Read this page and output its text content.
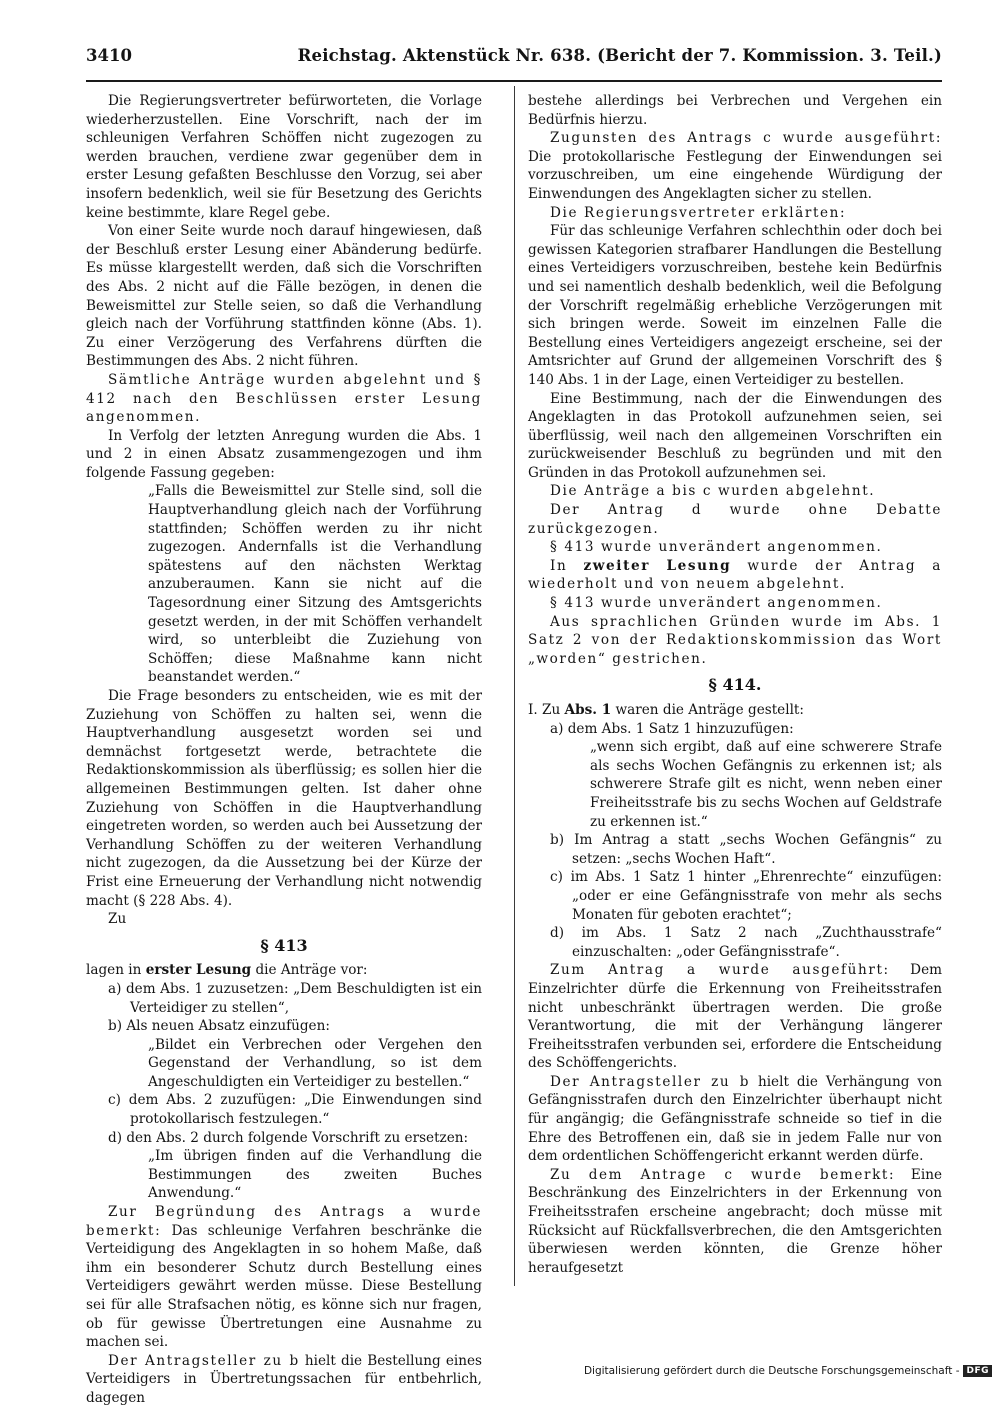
3410	Reichstag. Aktenstück Nr. 638. (Bericht der 7. Kommission. 3. Teil.)

Die Regierungsvertreter befürworteten, die Vorlage wiederherzustellen. Eine Vorschrift, nach der im schleunigen Verfahren Schöffen nicht zugezogen zu werden brauchen, verdiene zwar gegenüber dem in erster Lesung gefaßten Beschlusse den Vorzug, sei aber insofern bedenklich, weil sie für Besetzung des Gerichts keine bestimmte, klare Regel gebe.

Von einer Seite wurde noch darauf hingewiesen, daß der Beschluß erster Lesung einer Abänderung bedürfe. Es müsse klargestellt werden, daß sich die Vorschriften des Abs. 2 nicht auf die Fälle bezögen, in denen die Beweismittel zur Stelle seien, so daß die Verhandlung gleich nach der Vorführung stattfinden könne (Abs. 1). Zu einer Verzögerung des Verfahrens dürften die Bestimmungen des Abs. 2 nicht führen.

Sämtliche Anträge wurden abgelehnt und § 412 nach den Beschlüssen erster Lesung angenommen.

In Verfolg der letzten Anregung wurden die Abs. 1 und 2 in einen Absatz zusammengezogen und ihm folgende Fassung gegeben:

„Falls die Beweismittel zur Stelle sind, soll die Hauptverhandlung gleich nach der Vorführung stattfinden; Schöffen werden zu ihr nicht zugezogen. Andernfalls ist die Verhandlung spätestens auf den nächsten Werktag anzuberaumen. Kann sie nicht auf die Tagesordnung einer Sitzung des Amtsgerichts gesetzt werden, in der mit Schöffen verhandelt wird, so unterbleibt die Zuziehung von Schöffen; diese Maßnahme kann nicht beanstandet werden.“

Die Frage besonders zu entscheiden, wie es mit der Zuziehung von Schöffen zu halten sei, wenn die Hauptverhandlung ausgesetzt worden sei und demnächst fortgesetzt werde, betrachtete die Redaktionskommission als überflüssig; es sollen hier die allgemeinen Bestimmungen gelten. Ist daher ohne Zuziehung von Schöffen in die Hauptverhandlung eingetreten worden, so werden auch bei Aussetzung der Verhandlung Schöffen zu der weiteren Verhandlung nicht zugezogen, da die Aussetzung bei der Kürze der Frist eine Erneuerung der Verhandlung nicht notwendig macht (§ 228 Abs. 4).

Zu

§ 413

lagen in erster Lesung die Anträge vor:

a) dem Abs. 1 zuzusetzen: „Dem Beschuldigten ist ein Verteidiger zu stellen“,

b) Als neuen Absatz einzufügen:

„Bildet ein Verbrechen oder Vergehen den Gegenstand der Verhandlung, so ist dem Angeschuldigten ein Verteidiger zu bestellen.“

c) dem Abs. 2 zuzufügen: „Die Einwendungen sind protokollarisch festzulegen.“

d) den Abs. 2 durch folgende Vorschrift zu ersetzen:

„Im übrigen finden auf die Verhandlung die Bestimmungen des zweiten Buches Anwendung.“

Zur Begründung des Antrags a wurde bemerkt: Das schleunige Verfahren beschränke die Verteidigung des Angeklagten in so hohem Maße, daß ihm ein besonderer Schutz durch Bestellung eines Verteidigers gewährt werden müsse. Diese Bestellung sei für alle Strafsachen nötig, es könne sich nur fragen, ob für gewisse Übertretungen eine Ausnahme zu machen sei.

Der Antragsteller zu b hielt die Bestellung eines Verteidigers in Übertretungssachen für entbehrlich, dagegen

bestehe allerdings bei Verbrechen und Vergehen ein Bedürfnis hierzu.

Zugunsten des Antrags c wurde ausgeführt: Die protokollarische Festlegung der Einwendungen sei vorzuschreiben, um eine eingehende Würdigung der Einwendungen des Angeklagten sicher zu stellen.

Die Regierungsvertreter erklärten:

Für das schleunige Verfahren schlechthin oder doch bei gewissen Kategorien strafbarer Handlungen die Bestellung eines Verteidigers vorzuschreiben, bestehe kein Bedürfnis und sei namentlich deshalb bedenklich, weil die Befolgung der Vorschrift regelmäßig erhebliche Verzögerungen mit sich bringen werde. Soweit im einzelnen Falle die Bestellung eines Verteidigers angezeigt erscheine, sei der Amtsrichter auf Grund der allgemeinen Vorschrift des § 140 Abs. 1 in der Lage, einen Verteidiger zu bestellen.

Eine Bestimmung, nach der die Einwendungen des Angeklagten in das Protokoll aufzunehmen seien, sei überflüssig, weil nach den allgemeinen Vorschriften ein zurückweisender Beschluß zu begründen und mit den Gründen in das Protokoll aufzunehmen sei.

Die Anträge a bis c wurden abgelehnt.

Der Antrag d wurde ohne Debatte zurückgezogen.

§ 413 wurde unverändert angenommen.

In zweiter Lesung wurde der Antrag a wiederholt und von neuem abgelehnt.

§ 413 wurde unverändert angenommen.

Aus sprachlichen Gründen wurde im Abs. 1 Satz 2 von der Redaktionskommission das Wort „worden“ gestrichen.

§ 414.

I. Zu Abs. 1 waren die Anträge gestellt:

a) dem Abs. 1 Satz 1 hinzuzufügen:

„wenn sich ergibt, daß auf eine schwerere Strafe als sechs Wochen Gefängnis zu erkennen ist; als schwerere Strafe gilt es nicht, wenn neben einer Freiheitsstrafe bis zu sechs Wochen auf Geldstrafe zu erkennen ist.“

b) Im Antrag a statt „sechs Wochen Gefängnis“ zu setzen: „sechs Wochen Haft“.

c) im Abs. 1 Satz 1 hinter „Ehrenrechte“ einzufügen: „oder er eine Gefängnisstrafe von mehr als sechs Monaten für geboten erachtet“;

d) im Abs. 1 Satz 2 nach „Zuchthausstrafe“ einzuschalten: „oder Gefängnisstrafe“.

Zum Antrag a wurde ausgeführt: Dem Einzelrichter dürfe die Erkennung von Freiheitsstrafen nicht unbeschränkt übertragen werden. Die große Verantwortung, die mit der Verhängung längerer Freiheitsstrafen verbunden sei, erfordere die Entscheidung des Schöffengerichts.

Der Antragsteller zu b hielt die Verhängung von Gefängnisstrafen durch den Einzelrichter überhaupt nicht für angängig; die Gefängnisstrafe schneide so tief in die Ehre des Betroffenen ein, daß sie in jedem Falle nur von dem ordentlichen Schöffengericht erkannt werden dürfe.

Zu dem Antrage c wurde bemerkt: Eine Beschränkung des Einzelrichters in der Erkennung von Freiheitsstrafen erscheine angebracht; doch müsse mit Rücksicht auf Rückfallsverbrechen, die den Amtsgerichten überwiesen werden könnten, die Grenze höher heraufgesetzt

Digitalisierung gefördert durch die Deutsche Forschungsgemeinschaft - DFG
